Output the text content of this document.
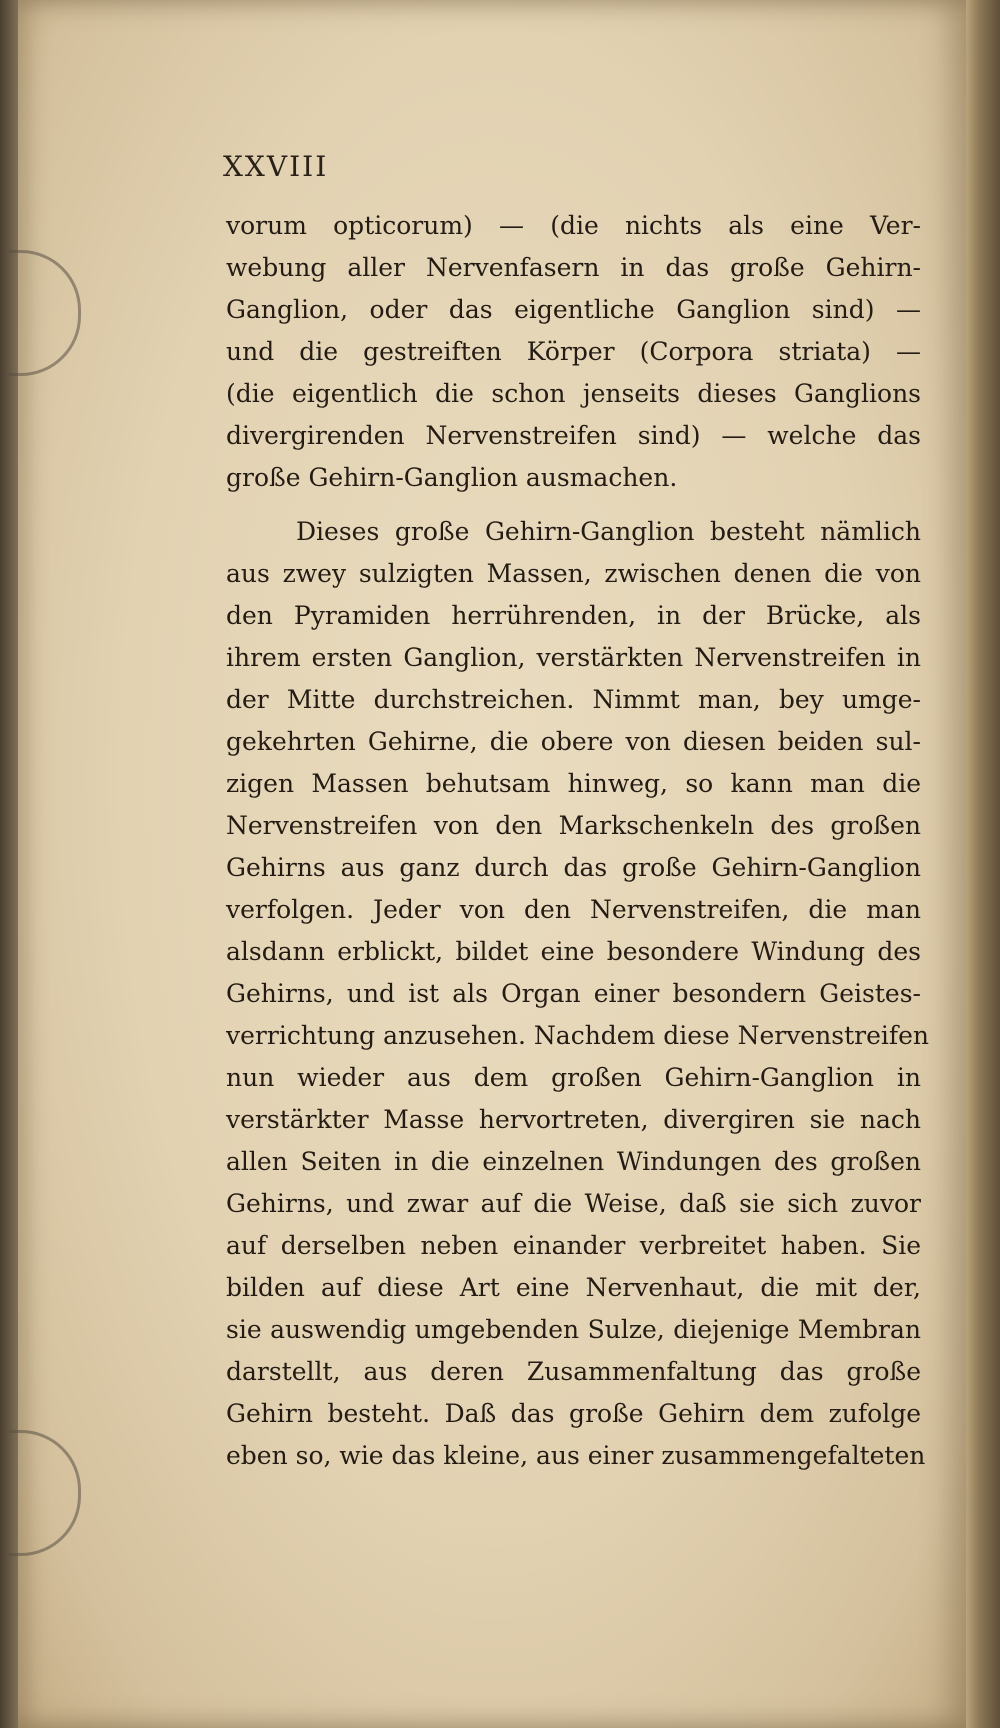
XXVIII
vorum opticorum) — (die nichts als eine Ver-
webung aller Nervenfasern in das große Gehirn-
Ganglion, oder das eigentliche Ganglion sind) —
und die gestreiften Körper (Corpora striata) —
(die eigentlich die schon jenseits dieses Ganglions
divergirenden Nervenstreifen sind) — welche das
große Gehirn-Ganglion ausmachen.
Dieses große Gehirn-Ganglion besteht nämlich
aus zwey sulzigten Massen, zwischen denen die von
den Pyramiden herrührenden, in der Brücke, als
ihrem ersten Ganglion, verstärkten Nervenstreifen in
der Mitte durchstreichen. Nimmt man, bey umge-
gekehrten Gehirne, die obere von diesen beiden sul-
zigen Massen behutsam hinweg, so kann man die
Nervenstreifen von den Markschenkeln des großen
Gehirns aus ganz durch das große Gehirn-Ganglion
verfolgen. Jeder von den Nervenstreifen, die man
alsdann erblickt, bildet eine besondere Windung des
Gehirns, und ist als Organ einer besondern Geistes-
verrichtung anzusehen. Nachdem diese Nervenstreifen
nun wieder aus dem großen Gehirn-Ganglion in
verstärkter Masse hervortreten, divergiren sie nach
allen Seiten in die einzelnen Windungen des großen
Gehirns, und zwar auf die Weise, daß sie sich zuvor
auf derselben neben einander verbreitet haben. Sie
bilden auf diese Art eine Nervenhaut, die mit der,
sie auswendig umgebenden Sulze, diejenige Membran
darstellt, aus deren Zusammenfaltung das große
Gehirn besteht. Daß das große Gehirn dem zufolge
eben so, wie das kleine, aus einer zusammengefalteten
